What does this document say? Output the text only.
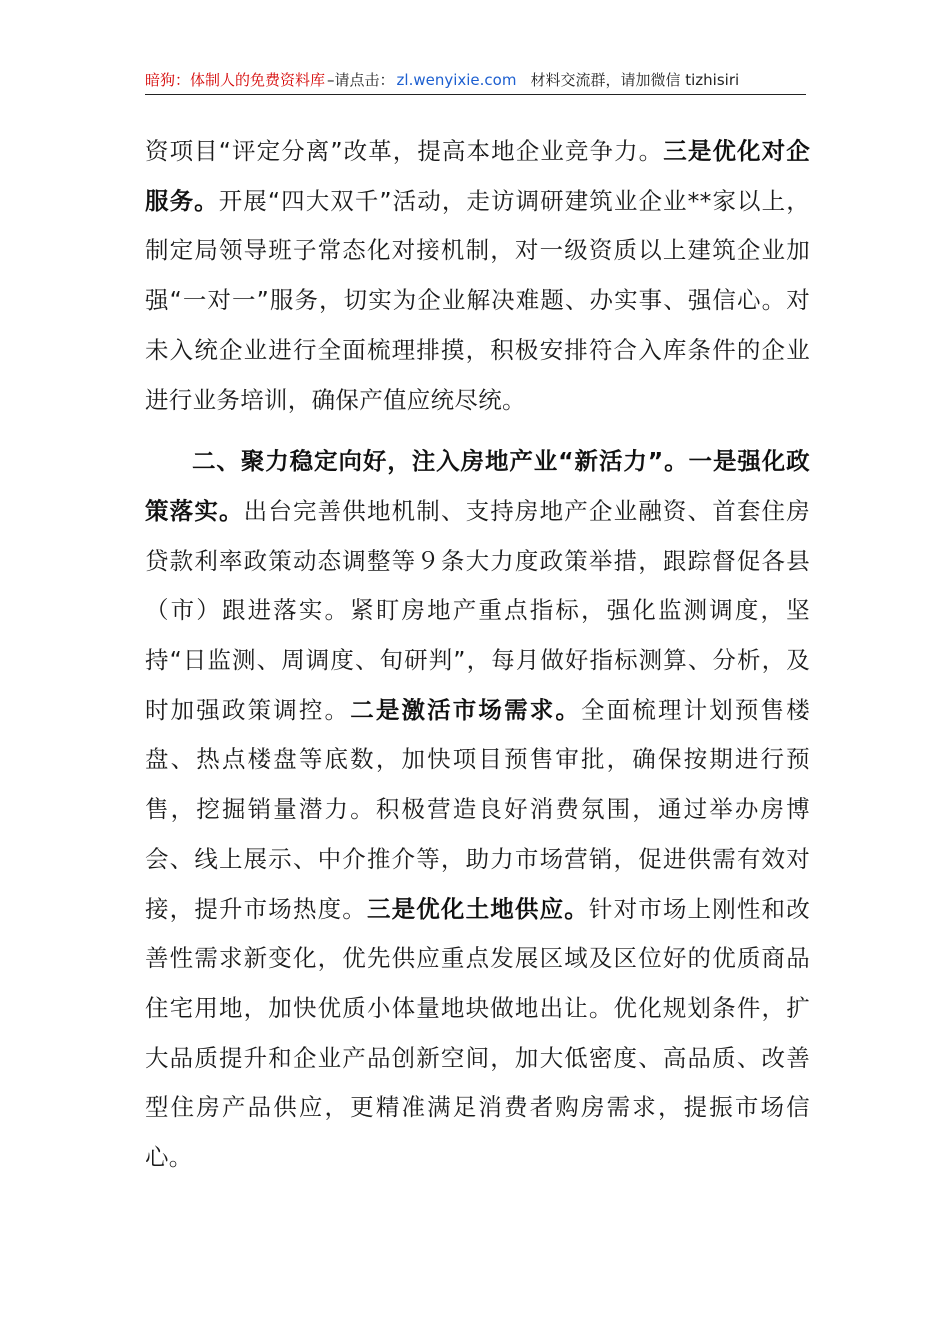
暗狗：体制人的免费资料库 –请点击： zl.wenyixie.com 材料交流群，请加微信 tizhisiri

资项目“评定分离”改革，提高本地企业竞争力。三是优化对企服务。开展“四大双千”活动，走访调研建筑业企业**家以上，制定局领导班子常态化对接机制，对一级资质以上建筑企业加强“一对一”服务，切实为企业解决难题、办实事、强信心。对未入统企业进行全面梳理排摸，积极安排符合入库条件的企业进行业务培训，确保产值应统尽统。

二、聚力稳定向好，注入房地产业“新活力”。一是强化政策落实。出台完善供地机制、支持房地产企业融资、首套住房贷款利率政策动态调整等９条大力度政策举措，跟踪督促各县（市）跟进落实。紧盯房地产重点指标，强化监测调度，坚持“日监测、周调度、旬研判”，每月做好指标测算、分析，及时加强政策调控。二是激活市场需求。全面梳理计划预售楼盘、热点楼盘等底数，加快项目预售审批，确保按期进行预售，挖掘销量潜力。积极营造良好消费氛围，通过举办房博会、线上展示、中介推介等，助力市场营销，促进供需有效对接，提升市场热度。三是优化土地供应。针对市场上刚性和改善性需求新变化，优先供应重点发展区域及区位好的优质商品住宅用地，加快优质小体量地块做地出让。优化规划条件，扩大品质提升和企业产品创新空间，加大低密度、高品质、改善型住房产品供应，更精准满足消费者购房需求，提振市场信心。
